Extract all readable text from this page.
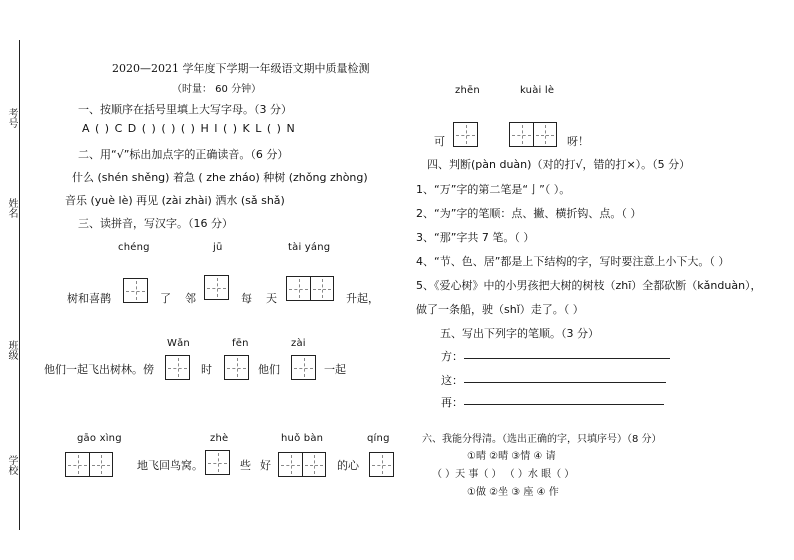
2020—2021 学年度下学期一年级语文期中质量检测
（时量： 60 分钟）
考号
姓名
班级
学校
一、按顺序在括号里填上大写字母。（3 分）
A ( ) C D ( ) ( ) ( ) H I ( ) K L ( ) N
二、用“√”标出加点字的正确读音。（6 分）
什么 (shén shěng) 着急 ( zhe zháo) 种树 (zhǒng zhòng)
音乐 (yuè lè) 再见 (zài zhài) 洒水 (sǎ shǎ)
三、读拼音，写汉字。（16 分）
chéng	jū	tài yáng
树和喜鹊	了 邻	每 天	升起，
Wǎn	fēn	zài
他们一起飞出树林。傍	时	他们	一起
gāo xìng	zhè	huǒ bàn	qíng
地飞回鸟窝。	些 好	的心
zhēn	kuài lè
可	呀！
四、判断(pàn duàn)（对的打√，错的打×）。（5 分）
1、“万”字的第二笔是“亅”（ ）。
2、“为”字的笔顺：点、撇、横折钩、点。（ ）
3、“那”字共 7 笔。（ ）
4、“节、色、居”都是上下结构的字，写时要注意上小下大。（ ）
5、《爱心树》中的小男孩把大树的树枝（zhī）全都砍断（kǎnduàn），
做了一条船，驶（shǐ）走了。（ ）
五、写出下列字的笔顺。（3 分）
方：
这：
再：
六、我能分得清。（选出正确的字，只填序号）（8 分）
①晴 ②晴 ③情 ④ 请
（ ）天 事（ ） （ ）水 眼（ ）
①做 ②坐 ③ 座 ④ 作
